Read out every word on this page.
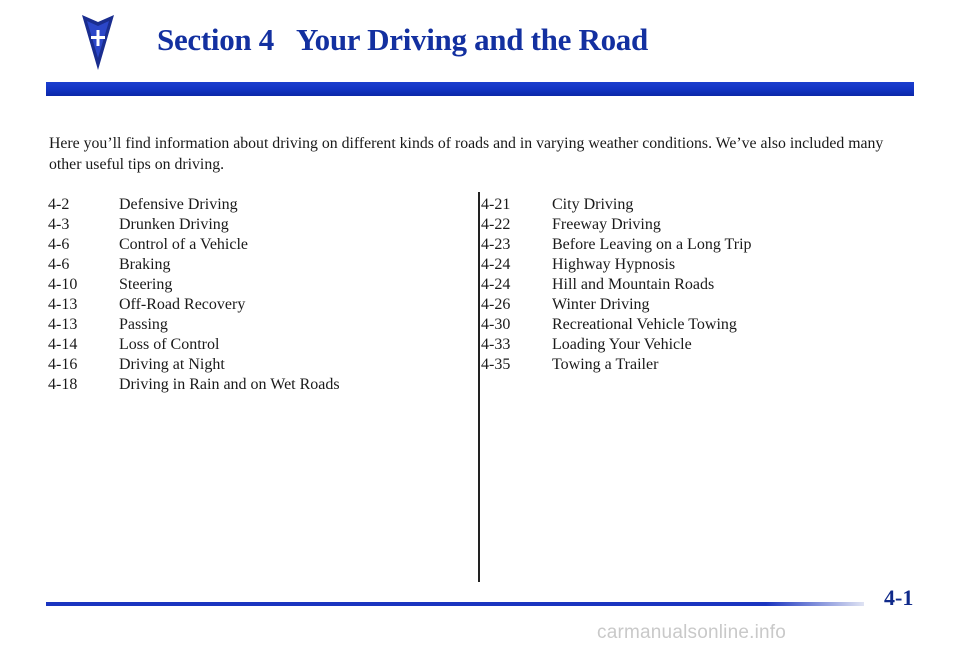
Section 4 Your Driving and the Road
Here you’ll find information about driving on different kinds of roads and in varying weather conditions. We’ve also included many other useful tips on driving.
4-2	Defensive Driving
4-3	Drunken Driving
4-6	Control of a Vehicle
4-6	Braking
4-10	Steering
4-13	Off-Road Recovery
4-13	Passing
4-14	Loss of Control
4-16	Driving at Night
4-18	Driving in Rain and on Wet Roads
4-21	City Driving
4-22	Freeway Driving
4-23	Before Leaving on a Long Trip
4-24	Highway Hypnosis
4-24	Hill and Mountain Roads
4-26	Winter Driving
4-30	Recreational Vehicle Towing
4-33	Loading Your Vehicle
4-35	Towing a Trailer
4-1
carmanualsonline.info
